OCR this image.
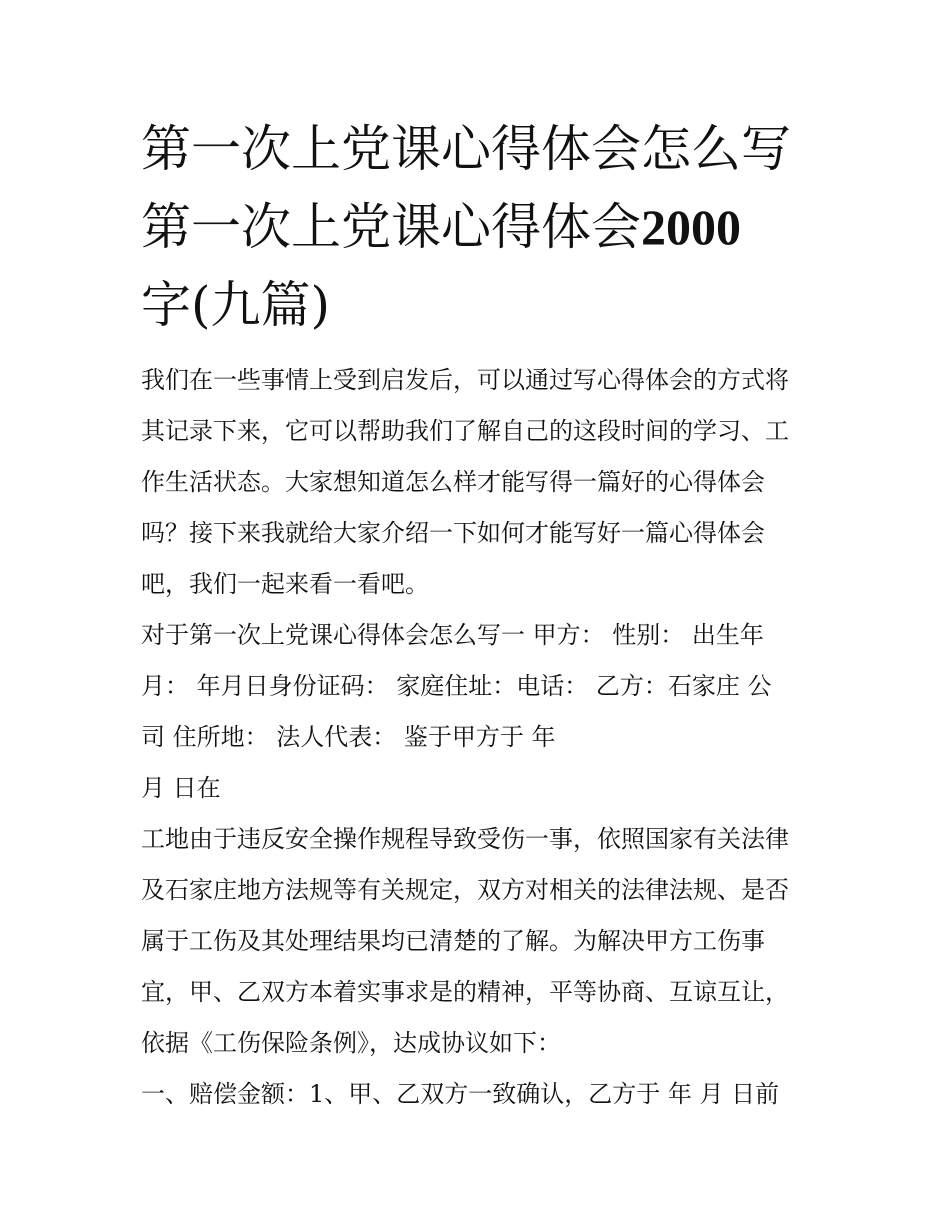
第一次上党课心得体会怎么写
第一次上党课心得体会2000
字(九篇)
我们在一些事情上受到启发后，可以通过写心得体会的方式将
其记录下来，它可以帮助我们了解自己的这段时间的学习、工
作生活状态。大家想知道怎么样才能写得一篇好的心得体会
吗？接下来我就给大家介绍一下如何才能写好一篇心得体会
吧，我们一起来看一看吧。
对于第一次上党课心得体会怎么写一 甲方： 性别： 出生年
月： 年月日身份证码： 家庭住址：电话： 乙方：石家庄 公
司 住所地： 法人代表： 鉴于甲方于 年
月 日在
工地由于违反安全操作规程导致受伤一事，依照国家有关法律
及石家庄地方法规等有关规定，双方对相关的法律法规、是否
属于工伤及其处理结果均已清楚的了解。为解决甲方工伤事
宜，甲、乙双方本着实事求是的精神，平等协商、互谅互让，
依据《工伤保险条例》，达成协议如下：
一、赔偿金额：1、甲、乙双方一致确认，乙方于 年 月 日前
